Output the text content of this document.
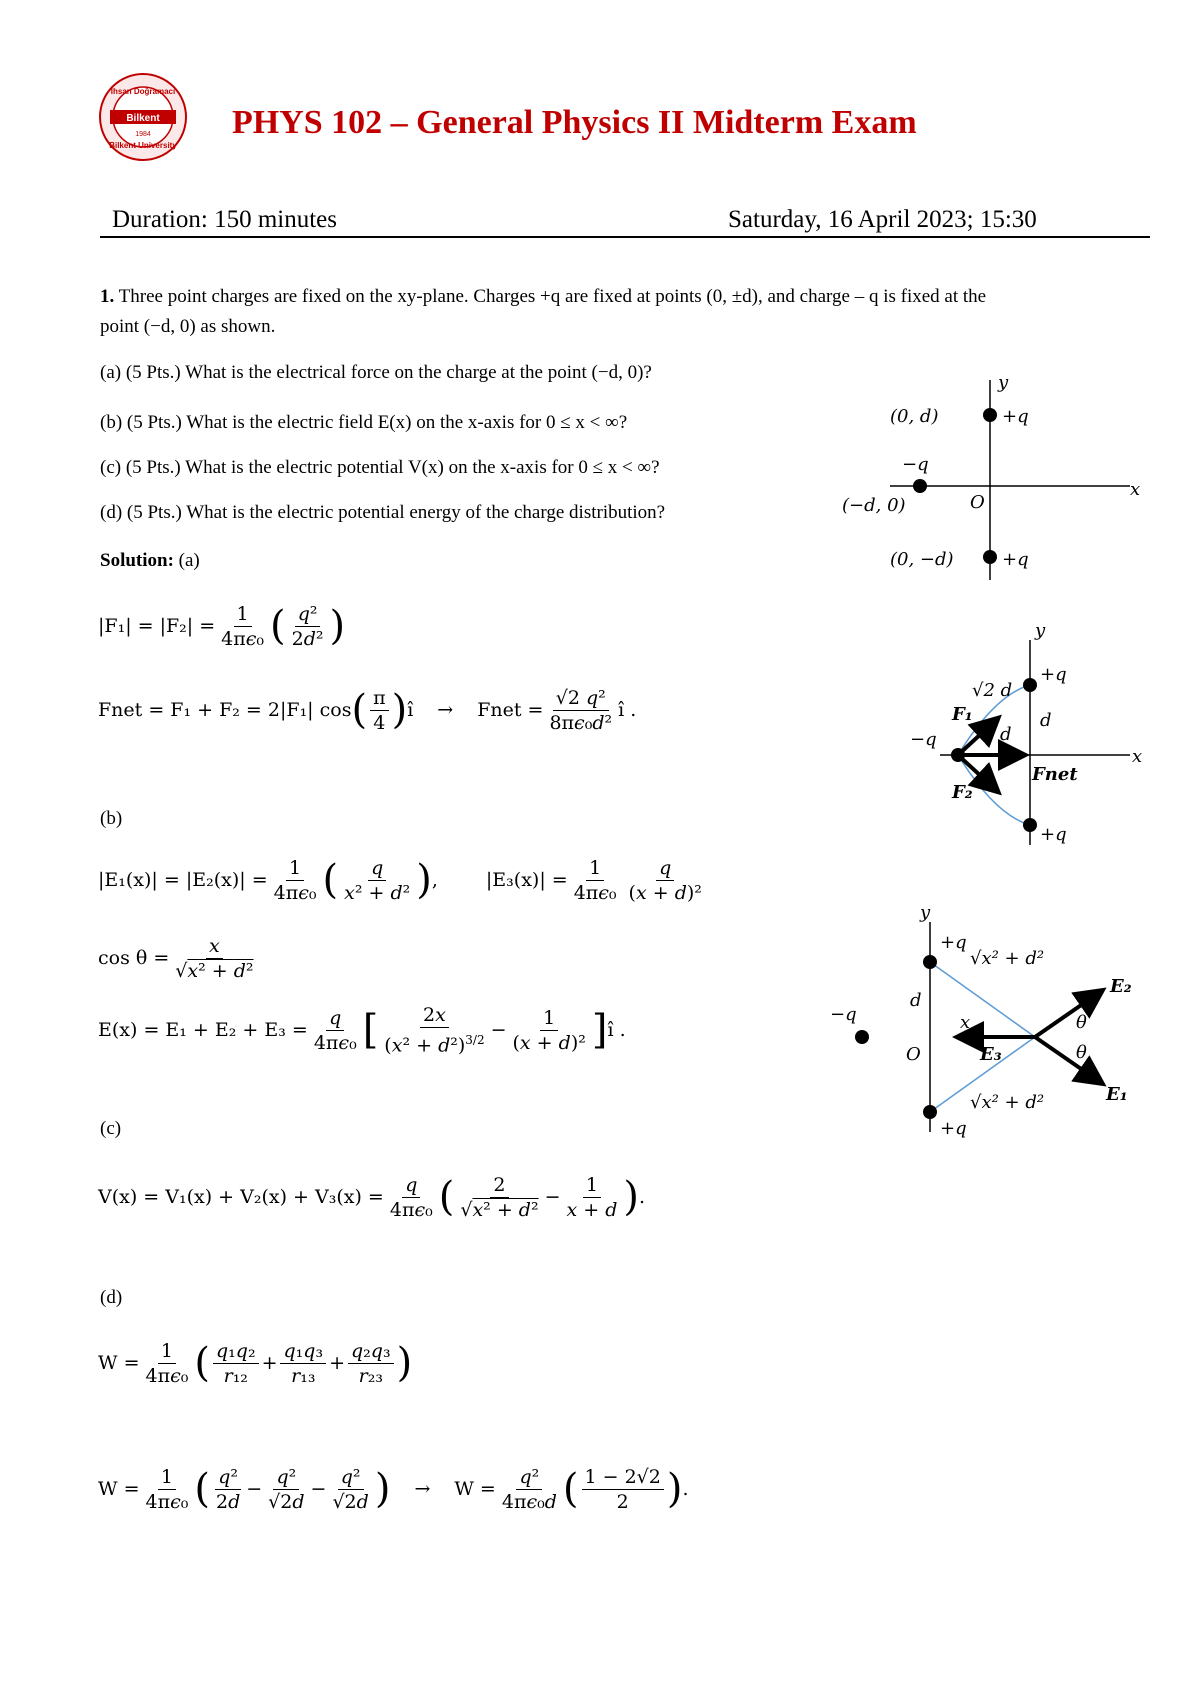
Bilkent
İhsan Doğramacı
Bilkent University
1984 PHYS 102 – General Physics II Midterm Exam
Duration: 150 minutes	Saturday, 16 April 2023; 15:30
1. Three point charges are fixed on the xy-plane. Charges +q are fixed at points (0, ±d), and charge – q is fixed at the
point (−d, 0) as shown.
(a) (5 Pts.) What is the electrical force on the charge at the point (−d, 0)?
(b) (5 Pts.) What is the electric field E(x) on the x-axis for 0 ≤ x < ∞?
(c) (5 Pts.) What is the electric potential V(x) on the x-axis for 0 ≤ x < ∞?
(d) (5 Pts.) What is the electric potential energy of the charge distribution?
Solution: (a)
$|F_1| = |F_2| = \frac{1}{\text{4πϵ₀}}$ ( $\frac{\text{q²}}{\text{2d²}}$ )
Fnet = F₁ + F₂ = 2|F₁| cos ( $\frac{\pi}{4}$ ) î → Fnet = $\frac{\text{√2 q²}}{\text{8πϵ₀d²}}$ î .
(b)
$|E_1(x)| = |E_2(x)| = \frac{1}{\text{4πϵ₀}}$ ( $\frac{q}{\text{x² + d²}}$ ) ,	$|E_3(x)| = \frac{1}{\text{4πϵ₀}} \frac{q}{\text{(x + d)²}}$
$\cos \theta = \frac{x}{\text{√x² + d²}}$
$E(x) = E_1 + E_2 + E_3 = \frac{q}{\text{4πϵ₀}}$ [ $\frac{2x}{(x^2 + d^2)^{3/2}} - \frac{1}{\text{(x + d)²}}$ ] î .
(c)
$V(x) = V_1(x) + V_2(x) + V_3(x) = \frac{q}{\text{4πϵ₀}}$ ( $\frac{2}{\text{√x² + d²}} - \frac{1}{x + d}$ ) .
(d)
$W = \frac{1}{\text{4πϵ₀}}$ ( $\frac{\text{q₁q₂}}{\text{r₁₂}} + \frac{\text{q₁q₃}}{\text{r₁₃}} + \frac{\text{q₂q₃}}{\text{r₂₃}}$ )
$W = \frac{1}{\text{4πϵ₀}}$ ( $\frac{\text{q²}}{2d} - \frac{\text{q²}}{√2d} - \frac{\text{q²}}{√2d}$ ) → $W = \frac{\text{q²}}{\text{4πϵ₀d}}$ ( $\frac{1 - 2√2}{2}$ ) .
y
x
O
(0, d)	+q
−q
(−d, 0)
(0, −d)	+q
y
x
+q
+q
−q
√2 d
d
d
F₁
F₂
Fnet
y
+q
+q
−q
√x² + d²
√x² + d²
d
x
O
E₁
E₂
E₃
θ
θ
